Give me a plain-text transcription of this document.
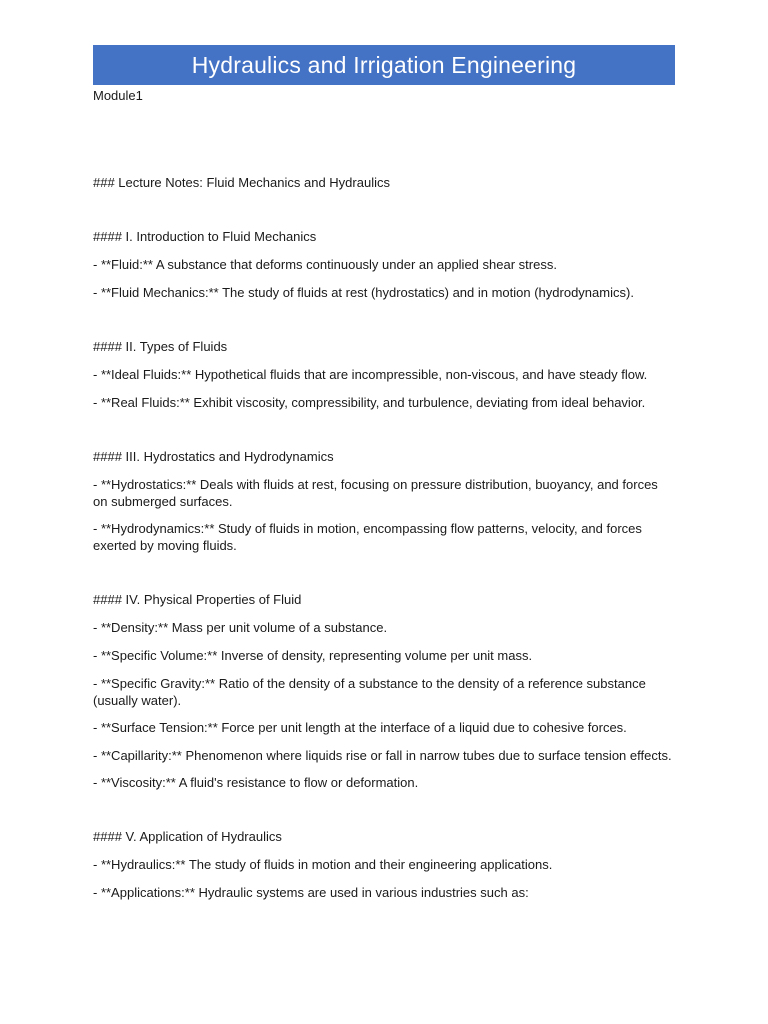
Hydraulics and Irrigation Engineering
Module1

### Lecture Notes: Fluid Mechanics and Hydraulics

#### I. Introduction to Fluid Mechanics

- **Fluid:** A substance that deforms continuously under an applied shear stress.

- **Fluid Mechanics:** The study of fluids at rest (hydrostatics) and in motion (hydrodynamics).

#### II. Types of Fluids

- **Ideal Fluids:** Hypothetical fluids that are incompressible, non-viscous, and have steady flow.

- **Real Fluids:** Exhibit viscosity, compressibility, and turbulence, deviating from ideal behavior.

#### III. Hydrostatics and Hydrodynamics

- **Hydrostatics:** Deals with fluids at rest, focusing on pressure distribution, buoyancy, and forces on submerged surfaces.

- **Hydrodynamics:** Study of fluids in motion, encompassing flow patterns, velocity, and forces exerted by moving fluids.

#### IV. Physical Properties of Fluid

- **Density:** Mass per unit volume of a substance.

- **Specific Volume:** Inverse of density, representing volume per unit mass.

- **Specific Gravity:** Ratio of the density of a substance to the density of a reference substance (usually water).

- **Surface Tension:** Force per unit length at the interface of a liquid due to cohesive forces.

- **Capillarity:** Phenomenon where liquids rise or fall in narrow tubes due to surface tension effects.

- **Viscosity:** A fluid's resistance to flow or deformation.

#### V. Application of Hydraulics

- **Hydraulics:** The study of fluids in motion and their engineering applications.

- **Applications:** Hydraulic systems are used in various industries such as:
